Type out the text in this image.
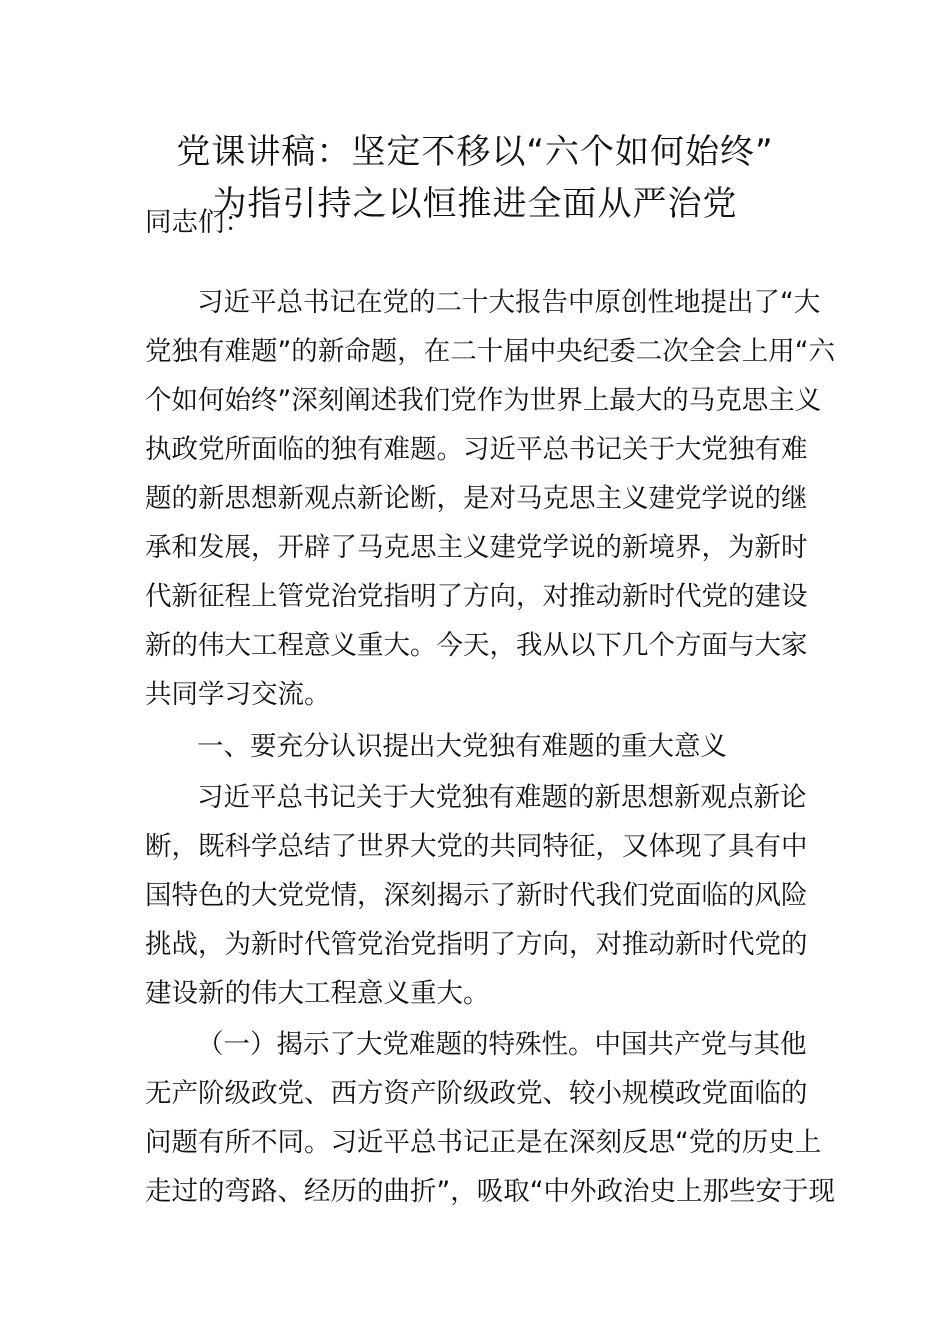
党课讲稿：坚定不移以“六个如何始终”
为指引持之以恒推进全面从严治党
同志们：
习近平总书记在党的二十大报告中原创性地提出了“大
党独有难题”的新命题，在二十届中央纪委二次全会上用“六
个如何始终”深刻阐述我们党作为世界上最大的马克思主义
执政党所面临的独有难题。习近平总书记关于大党独有难
题的新思想新观点新论断，是对马克思主义建党学说的继
承和发展，开辟了马克思主义建党学说的新境界，为新时
代新征程上管党治党指明了方向，对推动新时代党的建设
新的伟大工程意义重大。今天，我从以下几个方面与大家
共同学习交流。
一、要充分认识提出大党独有难题的重大意义
习近平总书记关于大党独有难题的新思想新观点新论
断，既科学总结了世界大党的共同特征，又体现了具有中
国特色的大党党情，深刻揭示了新时代我们党面临的风险
挑战，为新时代管党治党指明了方向，对推动新时代党的
建设新的伟大工程意义重大。
（一）揭示了大党难题的特殊性。中国共产党与其他
无产阶级政党、西方资产阶级政党、较小规模政党面临的
问题有所不同。习近平总书记正是在深刻反思“党的历史上
走过的弯路、经历的曲折”，吸取“中外政治史上那些安于现
